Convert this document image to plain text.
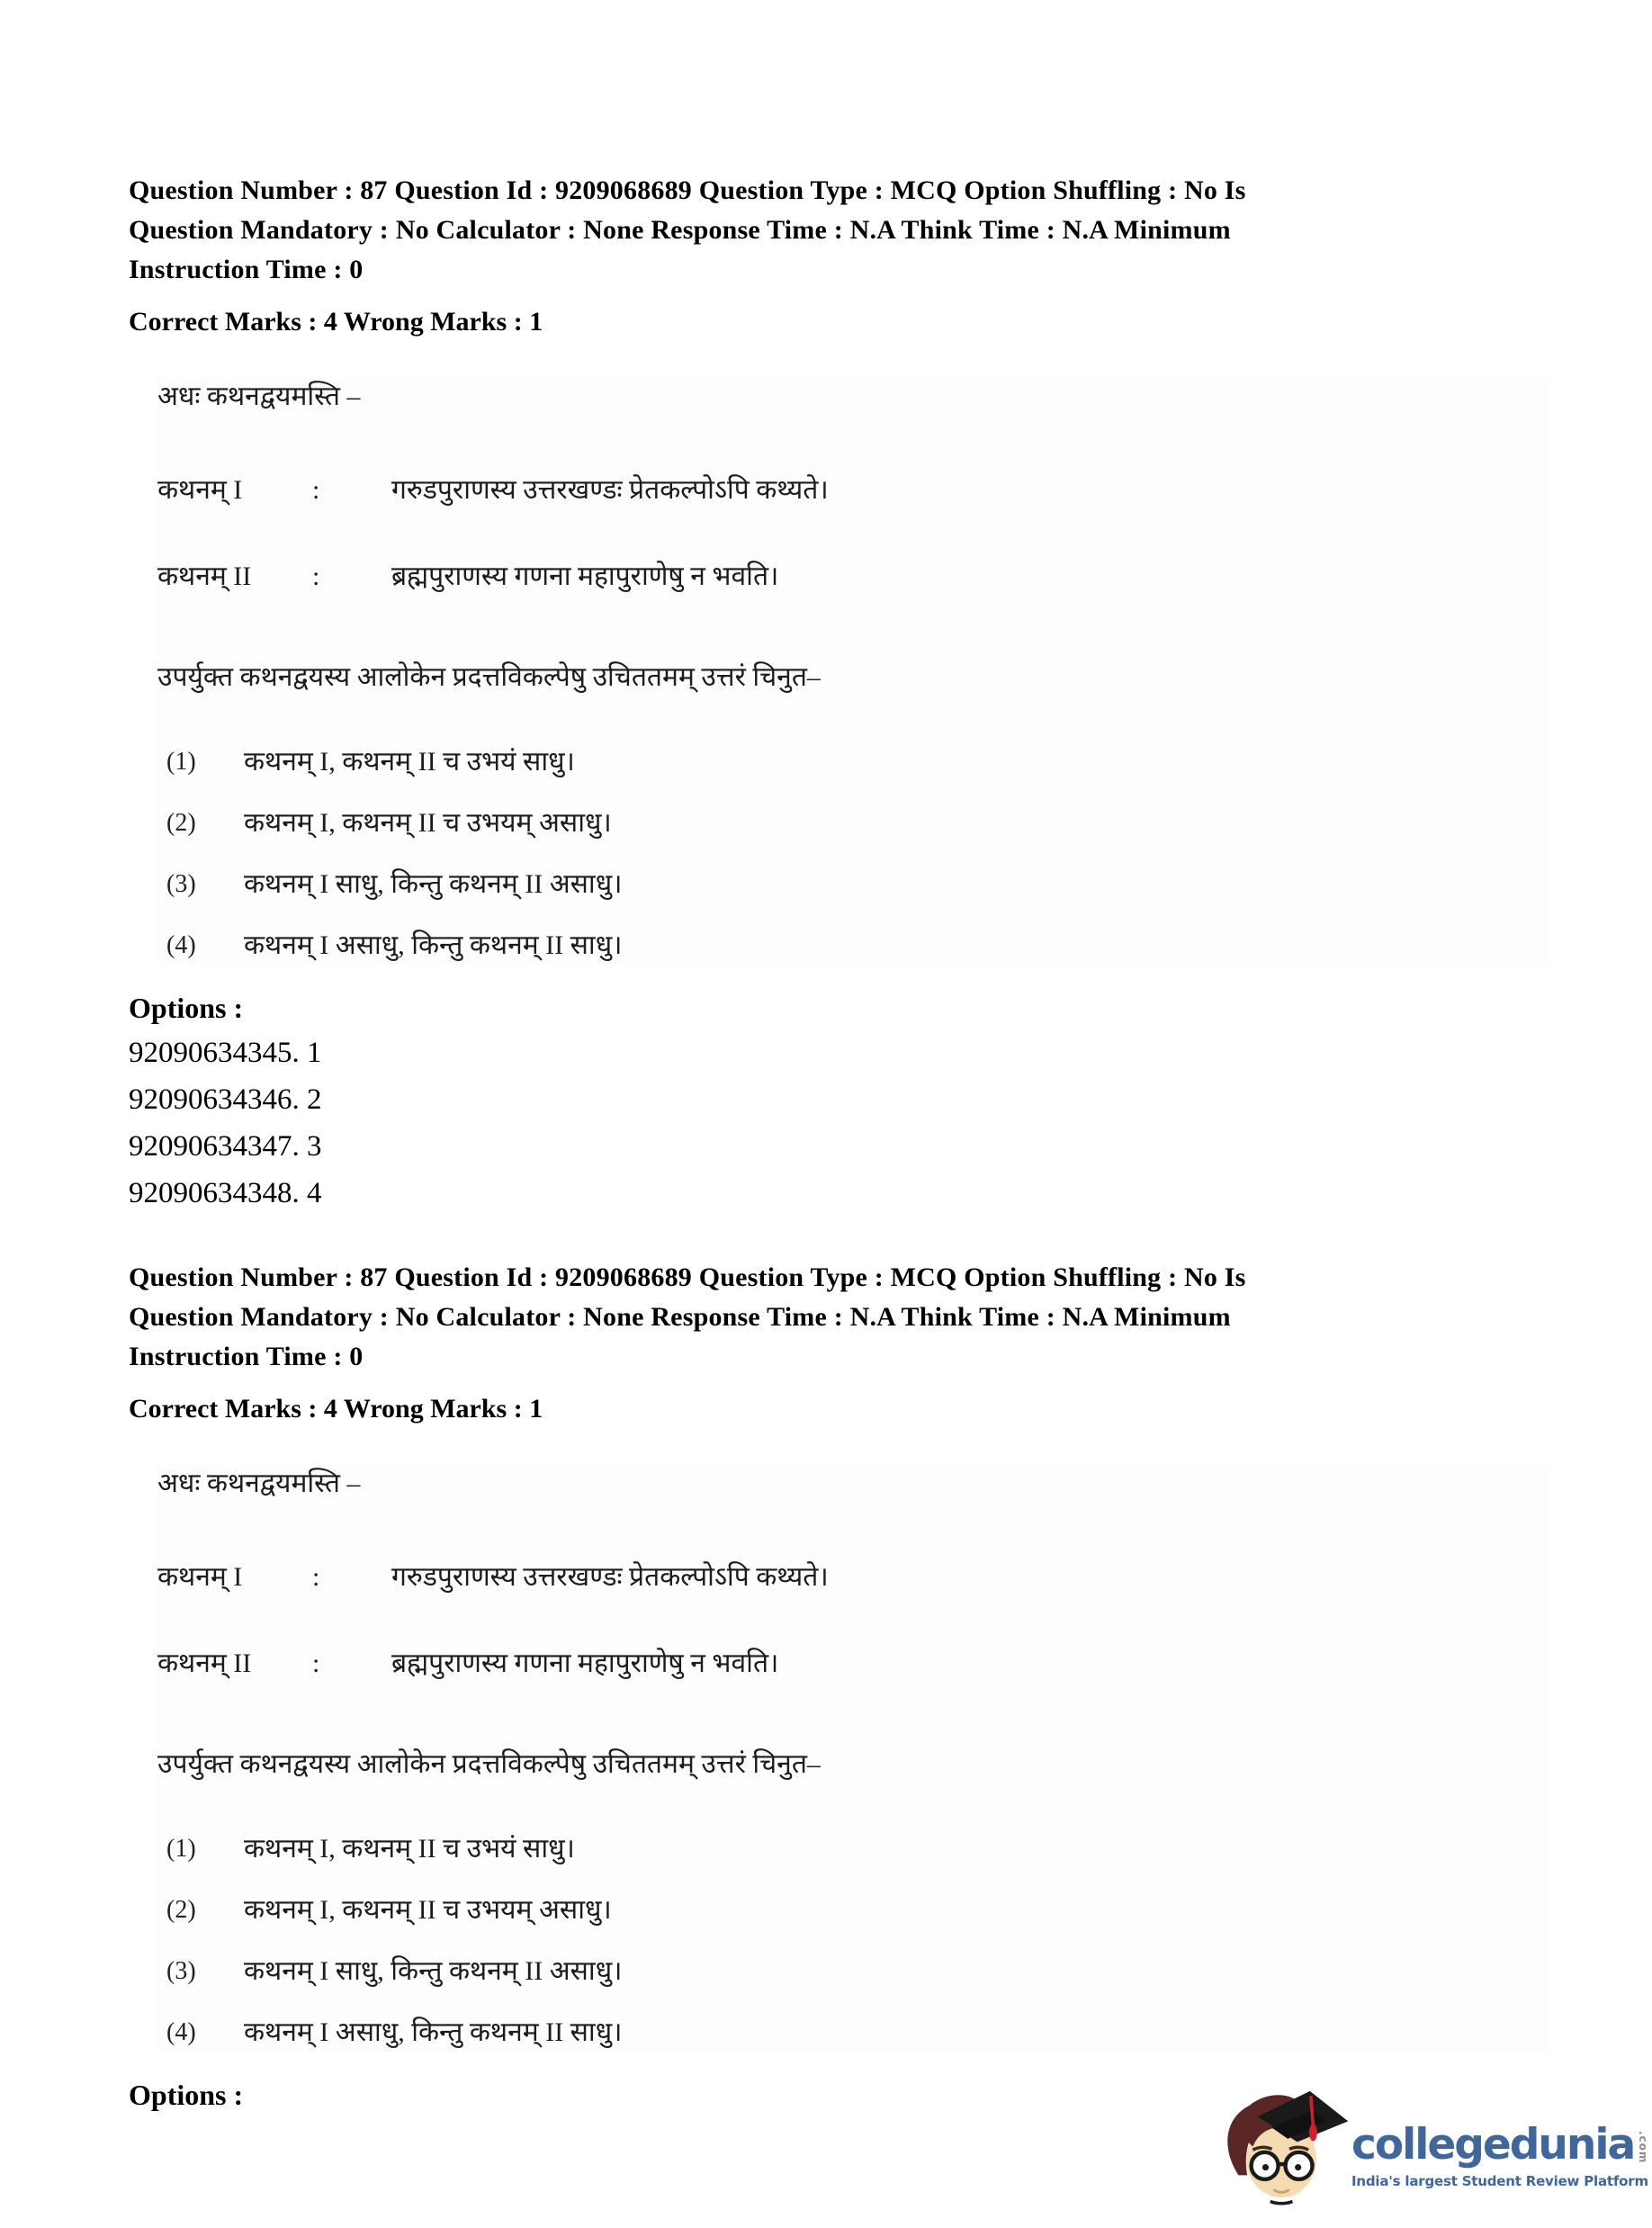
Question Number : 87 Question Id : 9209068689 Question Type : MCQ Option Shuffling : No Is
Question Mandatory : No Calculator : None Response Time : N.A Think Time : N.A Minimum
Instruction Time : 0
Correct Marks : 4 Wrong Marks : 1
अधः कथनद्वयमस्ति –
कथनम् I	:	गरुडपुराणस्य उत्तरखण्डः प्रेतकल्पोऽपि कथ्यते।
कथनम् II	:	ब्रह्मपुराणस्य गणना महापुराणेषु न भवति।
उपर्युक्त कथनद्वयस्य आलोकेन प्रदत्तविकल्पेषु उचिततमम् उत्तरं चिनुत–
(1)	कथनम् I, कथनम् II च उभयं साधु।
(2)	कथनम् I, कथनम् II च उभयम् असाधु।
(3)	कथनम् I साधु, किन्तु कथनम् II असाधु।
(4)	कथनम् I असाधु, किन्तु कथनम् II साधु।
Options :
92090634345. 1
92090634346. 2
92090634347. 3
92090634348. 4
Question Number : 87 Question Id : 9209068689 Question Type : MCQ Option Shuffling : No Is
Question Mandatory : No Calculator : None Response Time : N.A Think Time : N.A Minimum
Instruction Time : 0
Correct Marks : 4 Wrong Marks : 1
अधः कथनद्वयमस्ति –
कथनम् I	:	गरुडपुराणस्य उत्तरखण्डः प्रेतकल्पोऽपि कथ्यते।
कथनम् II	:	ब्रह्मपुराणस्य गणना महापुराणेषु न भवति।
उपर्युक्त कथनद्वयस्य आलोकेन प्रदत्तविकल्पेषु उचिततमम् उत्तरं चिनुत–
(1)	कथनम् I, कथनम् II च उभयं साधु।
(2)	कथनम् I, कथनम् II च उभयम् असाधु।
(3)	कथनम् I साधु, किन्तु कथनम् II असाधु।
(4)	कथनम् I असाधु, किन्तु कथनम् II साधु।
Options :
collegedunia .com
India's largest Student Review Platform
